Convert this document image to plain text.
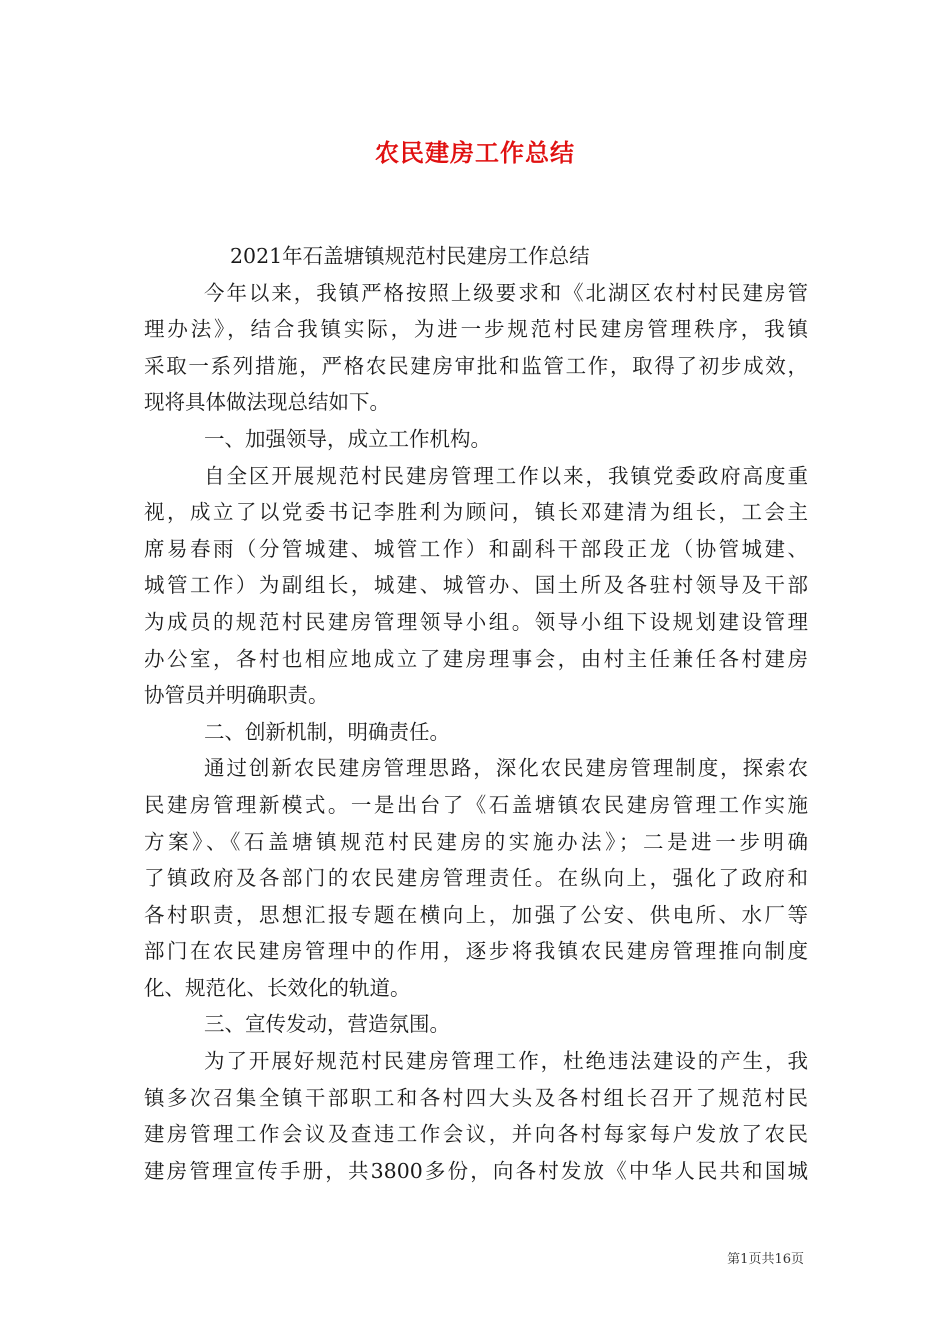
农民建房工作总结
2021年石盖塘镇规范村民建房工作总结
今年以来，我镇严格按照上级要求和《北湖区农村村民建房管
理办法》，结合我镇实际，为进一步规范村民建房管理秩序，我镇
采取一系列措施，严格农民建房审批和监管工作，取得了初步成效，
现将具体做法现总结如下。
一、加强领导，成立工作机构。
自全区开展规范村民建房管理工作以来，我镇党委政府高度重
视，成立了以党委书记李胜利为顾问，镇长邓建清为组长，工会主
席易春雨（分管城建、城管工作）和副科干部段正龙（协管城建、
城管工作）为副组长，城建、城管办、国土所及各驻村领导及干部
为成员的规范村民建房管理领导小组。领导小组下设规划建设管理
办公室，各村也相应地成立了建房理事会，由村主任兼任各村建房
协管员并明确职责。
二、创新机制，明确责任。
通过创新农民建房管理思路，深化农民建房管理制度，探索农
民建房管理新模式。一是出台了《石盖塘镇农民建房管理工作实施
方案》、《石盖塘镇规范村民建房的实施办法》；二是进一步明确
了镇政府及各部门的农民建房管理责任。在纵向上，强化了政府和
各村职责，思想汇报专题在横向上，加强了公安、供电所、水厂等
部门在农民建房管理中的作用，逐步将我镇农民建房管理推向制度
化、规范化、长效化的轨道。
三、宣传发动，营造氛围。
为了开展好规范村民建房管理工作，杜绝违法建设的产生，我
镇多次召集全镇干部职工和各村四大头及各村组长召开了规范村民
建房管理工作会议及查违工作会议，并向各村每家每户发放了农民
建房管理宣传手册，共3800多份，向各村发放《中华人民共和国城
第1页共16页
